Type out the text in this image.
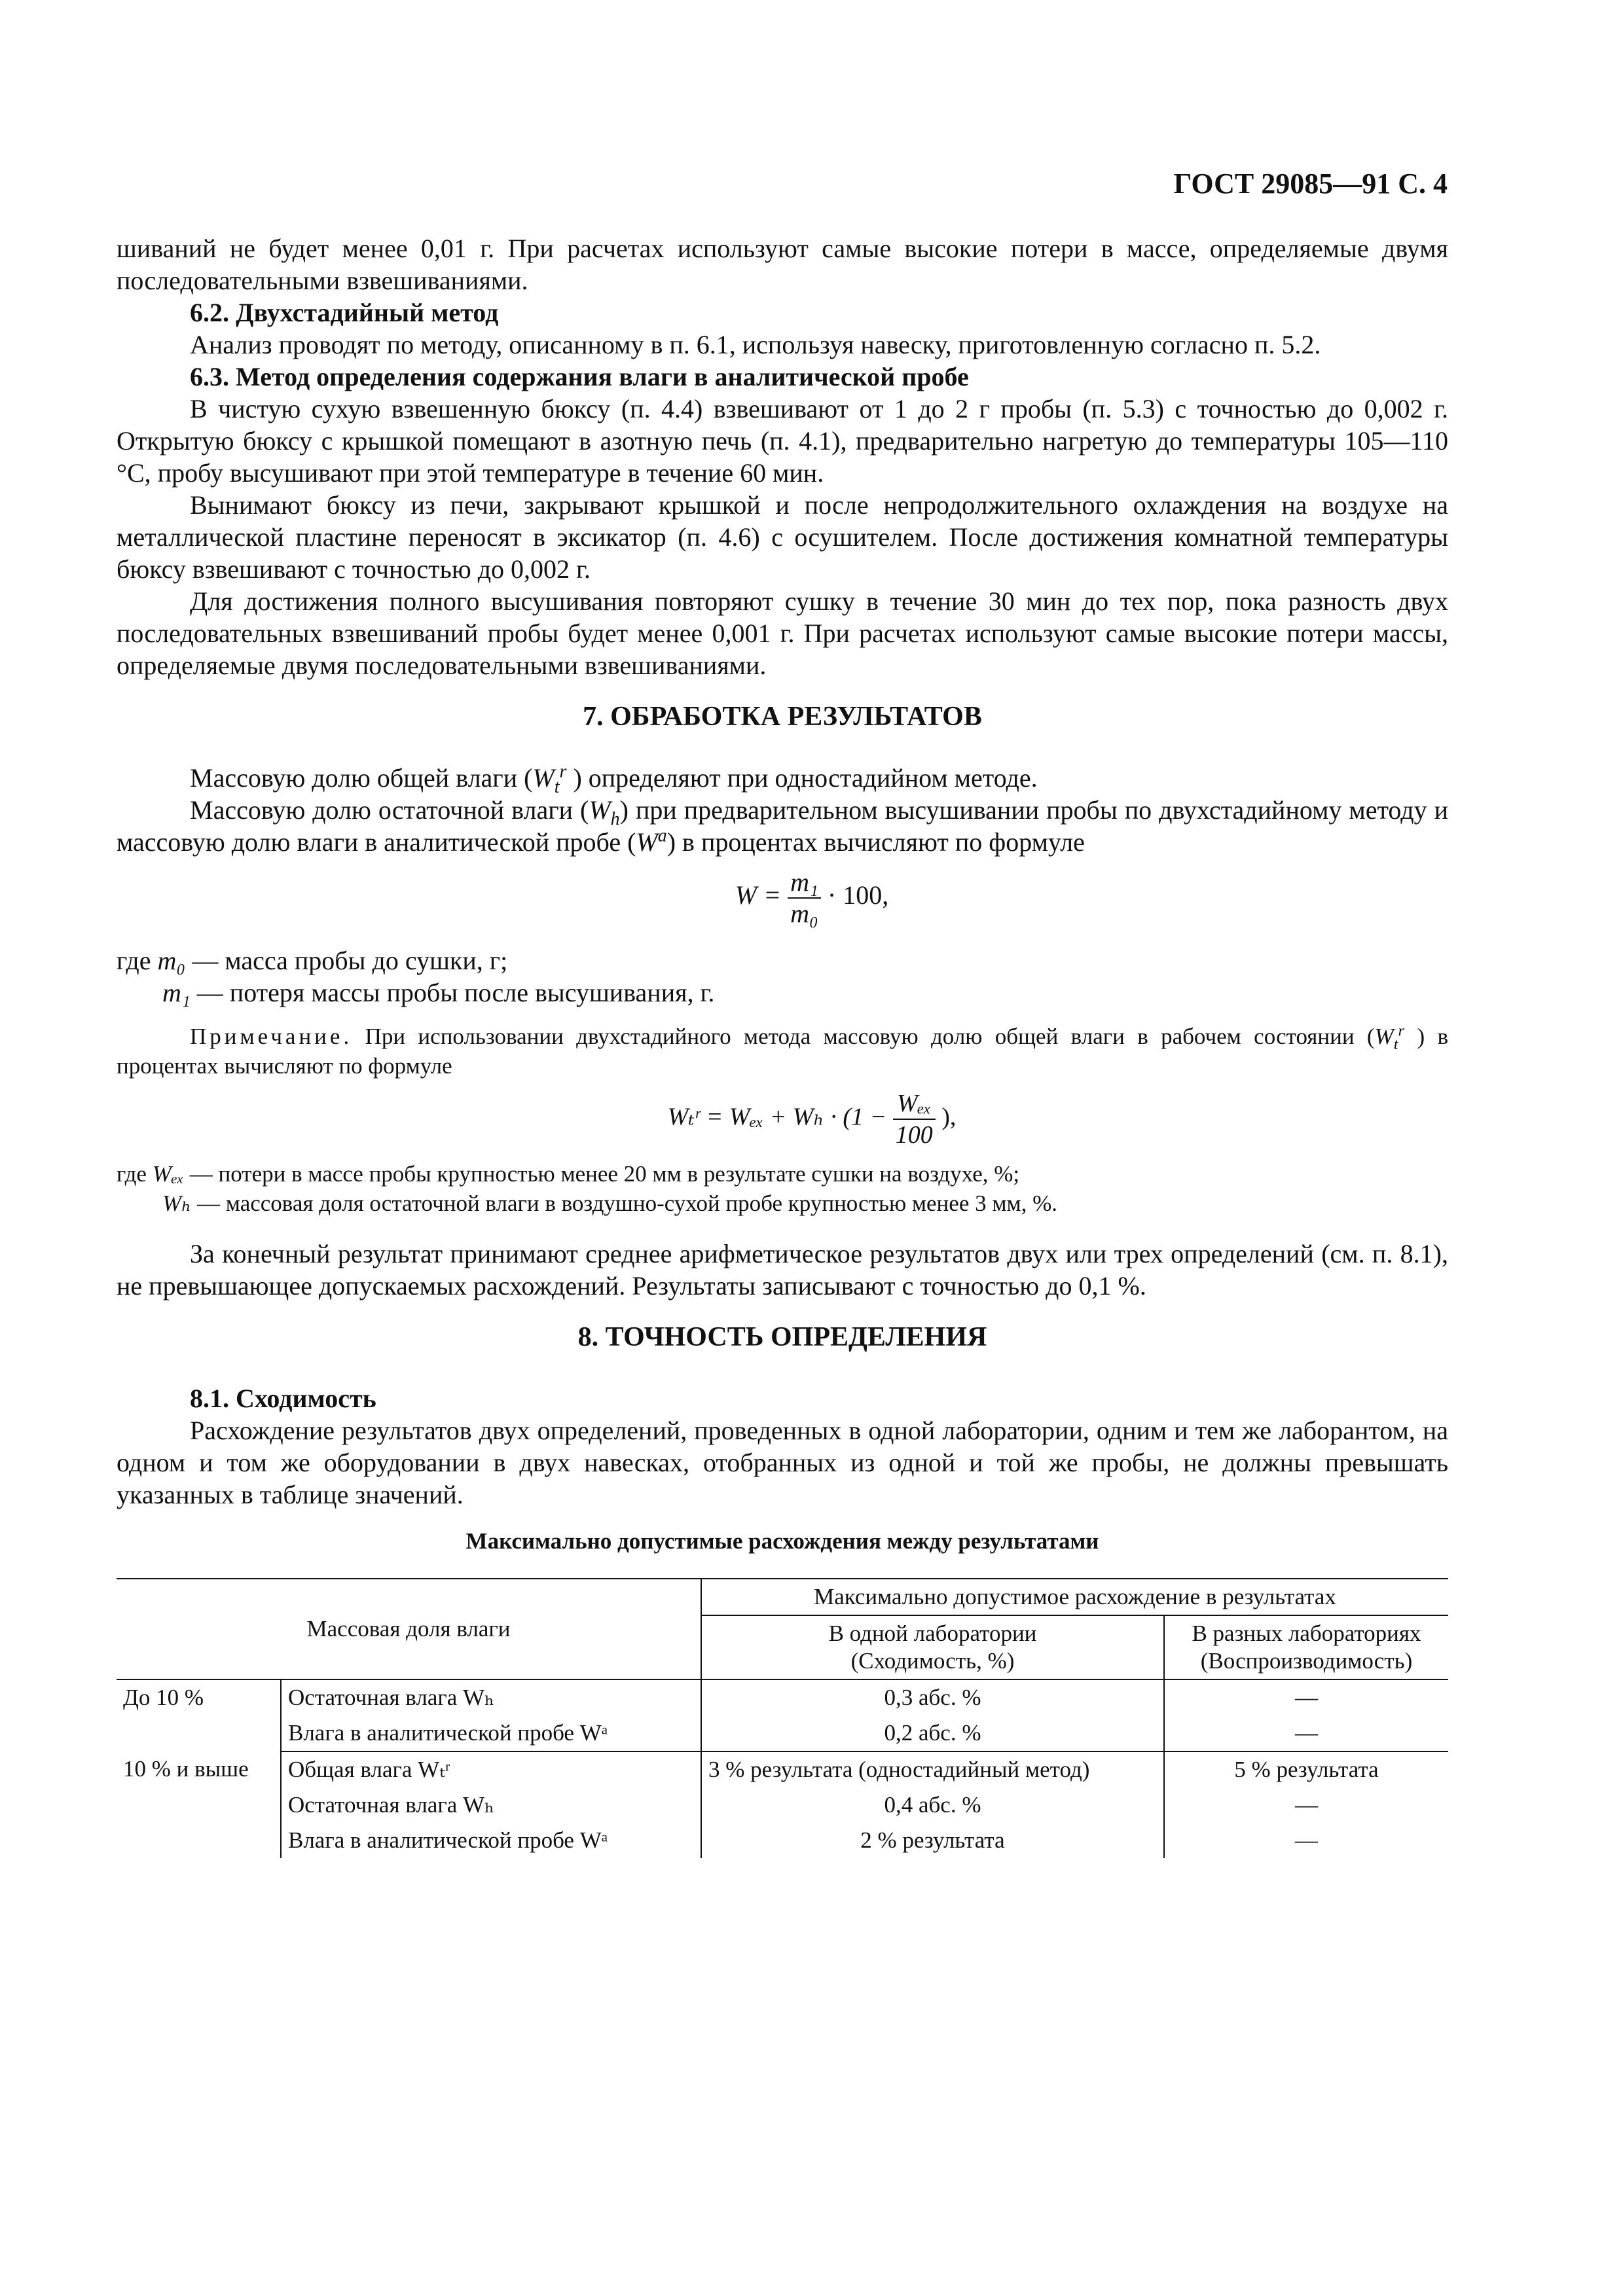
ГОСТ 29085—91 С. 4

шиваний не будет менее 0,01 г. При расчетах используют самые высокие потери в массе, определяемые двумя последовательными взвешиваниями.

6.2. Двухстадийный метод

Анализ проводят по методу, описанному в п. 6.1, используя навеску, приготовленную согласно п. 5.2.

6.3. Метод определения содержания влаги в аналитической пробе

В чистую сухую взвешенную бюксу (п. 4.4) взвешивают от 1 до 2 г пробы (п. 5.3) с точностью до 0,002 г. Открытую бюксу с крышкой помещают в азотную печь (п. 4.1), предварительно нагретую до температуры 105—110 °С, пробу высушивают при этой температуре в течение 60 мин.

Вынимают бюксу из печи, закрывают крышкой и после непродолжительного охлаждения на воздухе на металлической пластине переносят в эксикатор (п. 4.6) с осушителем. После достижения комнатной температуры бюксу взвешивают с точностью до 0,002 г.

Для достижения полного высушивания повторяют сушку в течение 30 мин до тех пор, пока разность двух последовательных взвешиваний пробы будет менее 0,001 г. При расчетах используют самые высокие потери массы, определяемые двумя последовательными взвешиваниями.

7. ОБРАБОТКА РЕЗУЛЬТАТОВ

Массовую долю общей влаги ($W_t^r$ ) определяют при одностадийном методе.

Массовую долю остаточной влаги $(W_h)$ при предварительном высушивании пробы по двухстадийному методу и массовую долю влаги в аналитической пробе $(W^a)$ в процентах вычисляют по формуле

$W = \frac{\text{m₁}}{\text{m₀}} \cdot 100$,

где m₀ — масса пробы до сушки, г;

m₁ — потеря массы пробы после высушивания, г.

Примечание. При использовании двухстадийного метода массовую долю общей влаги в рабочем состоянии ($W_t^r$ ) в процентах вычисляют по формуле

Wₜʳ = $W_{ex} + W_h \cdot (1 - \frac{\text{Wₑₓ}}{100}$ ),

где Wₑₓ — потери в массе пробы крупностью менее 20 мм в результате сушки на воздухе, %;

Wₕ — массовая доля остаточной влаги в воздушно-сухой пробе крупностью менее 3 мм, %.

За конечный результат принимают среднее арифметическое результатов двух или трех определений (см. п. 8.1), не превышающее допускаемых расхождений. Результаты записывают с точностью до 0,1 %.

8. ТОЧНОСТЬ ОПРЕДЕЛЕНИЯ

8.1. Сходимость

Расхождение результатов двух определений, проведенных в одной лаборатории, одним и тем же лаборантом, на одном и том же оборудовании в двух навесках, отобранных из одной и той же пробы, не должны превышать указанных в таблице значений.

Максимально допустимые расхождения между результатами

Массовая доля влаги		Максимально допустимое расхождение в результатах	
		В одной лаборатории
(Сходимость, %)	В разных лабораториях
(Воспроизводимость)
До 10 %	Остаточная влага Wₕ	0,3 абс. %	—
	Влага в аналитической пробе Wᵃ	0,2 абс. %	—
10 % и выше	Общая влага Wₜʳ	3 % результата (одностадийный метод)	5 % результата
	Остаточная влага Wₕ	0,4 абс. %	—
	Влага в аналитической пробе Wᵃ	2 % результата	—
